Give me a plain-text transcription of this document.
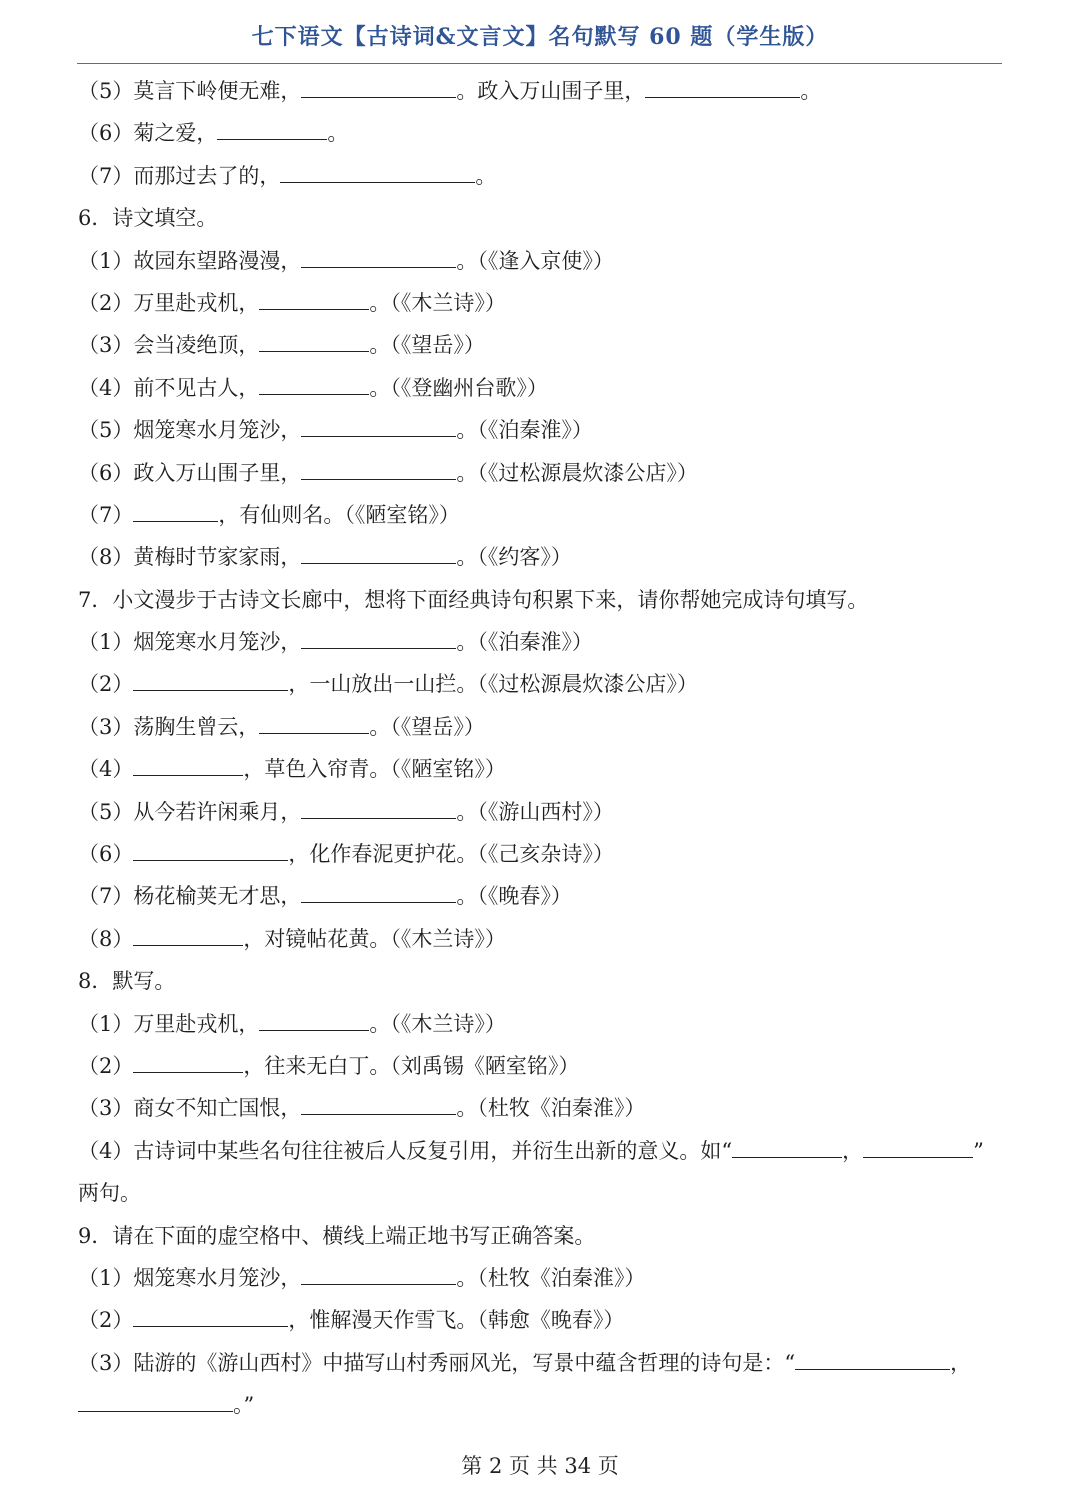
七下语文【古诗词&文言文】名句默写 60 题（学生版）
（5）莫言下岭便无难，	。政入万山围子里，	。
（6）菊之爱，	。
（7）而那过去了的，	。
6．诗文填空。
（1）故园东望路漫漫，	。（《逢入京使》）
（2）万里赴戎机，	。（《木兰诗》）
（3）会当凌绝顶，	。（《望岳》）
（4）前不见古人，	。（《登幽州台歌》）
（5）烟笼寒水月笼沙，	。（《泊秦淮》）
（6）政入万山围子里，	。（《过松源晨炊漆公店》）
（7）	，有仙则名。（《陋室铭》）
（8）黄梅时节家家雨，	。（《约客》）
7．小文漫步于古诗文长廊中，想将下面经典诗句积累下来，请你帮她完成诗句填写。
（1）烟笼寒水月笼沙，	。（《泊秦淮》）
（2）	，一山放出一山拦。（《过松源晨炊漆公店》）
（3）荡胸生曾云，	。（《望岳》）
（4）	，草色入帘青。（《陋室铭》）
（5）从今若许闲乘月，	。（《游山西村》）
（6）	，化作春泥更护花。（《己亥杂诗》）
（7）杨花榆荚无才思，	。（《晚春》）
（8）	，对镜帖花黄。（《木兰诗》）
8．默写。
（1）万里赴戎机，	。（《木兰诗》）
（2）	，往来无白丁。（刘禹锡《陋室铭》）
（3）商女不知亡国恨，	。（杜牧《泊秦淮》）
（4）古诗词中某些名句往往被后人反复引用，并衍生出新的意义。如“	，	”
两句。
9．请在下面的虚空格中、横线上端正地书写正确答案。
（1）烟笼寒水月笼沙，	。（杜牧《泊秦淮》）
（2）	，惟解漫天作雪飞。（韩愈《晚春》）
（3）陆游的《游山西村》中描写山村秀丽风光，写景中蕴含哲理的诗句是：“	，
。”
第 2 页 共 34 页
